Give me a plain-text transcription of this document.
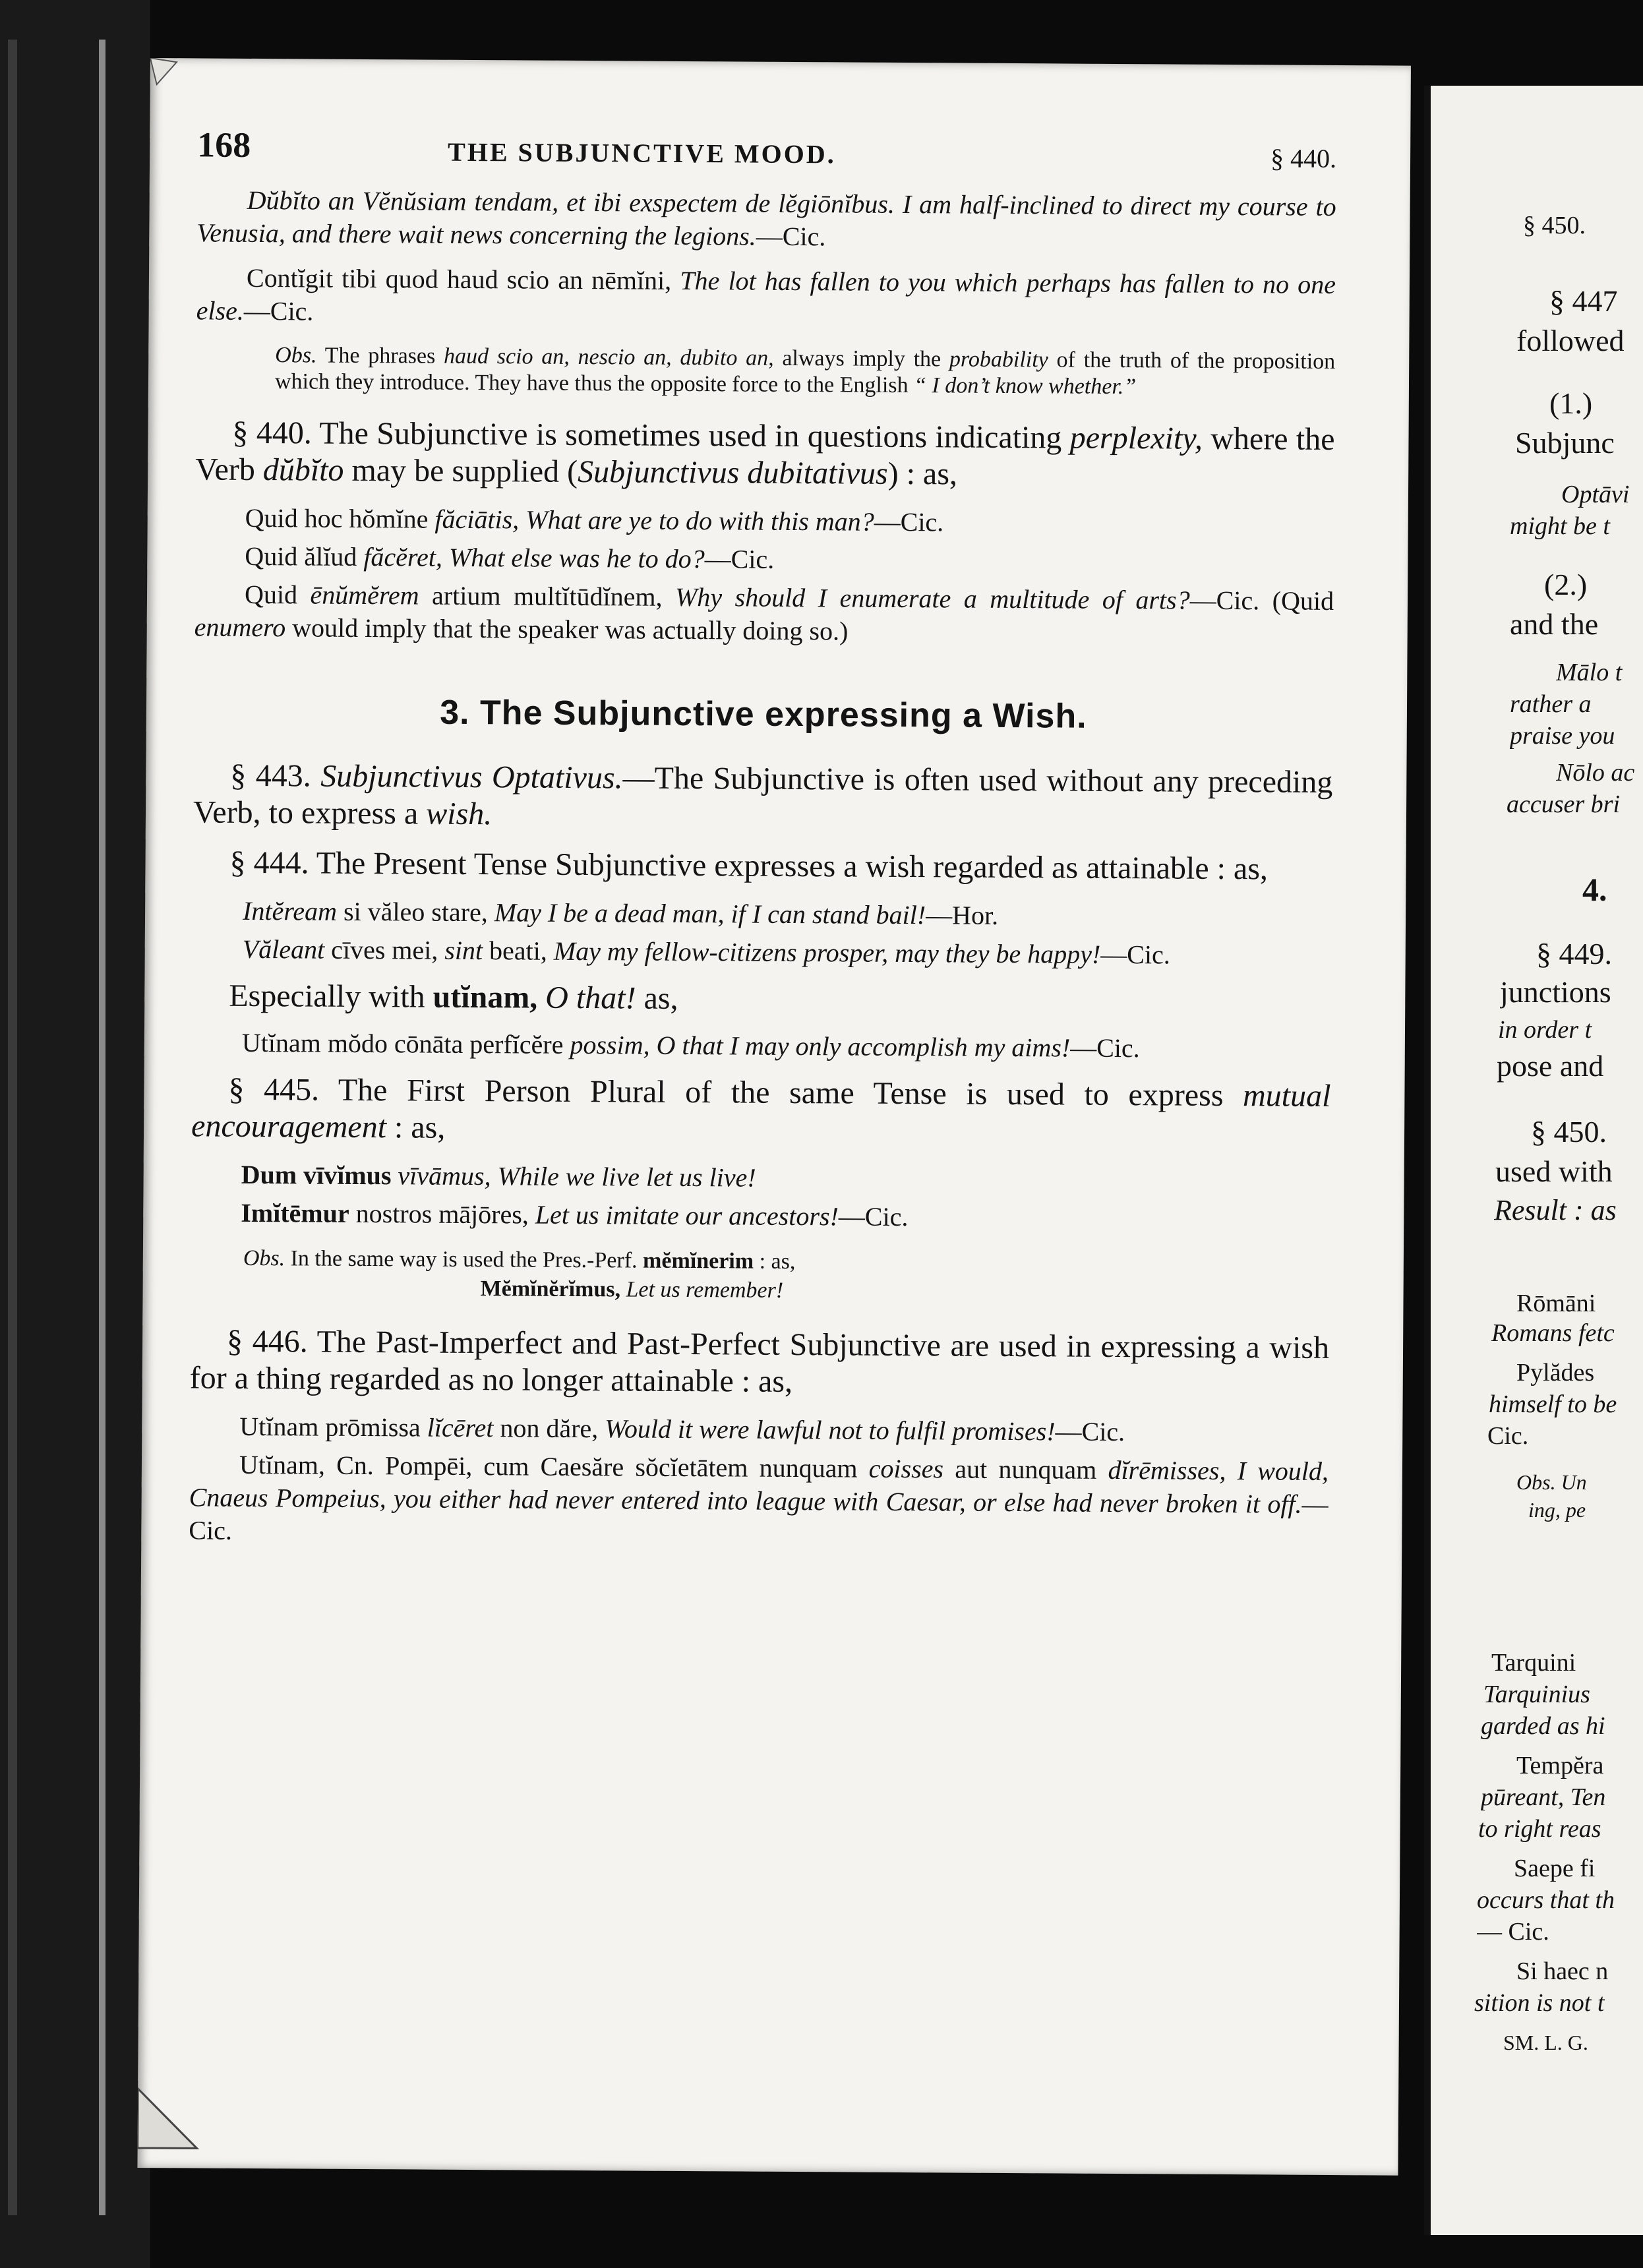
168	THE SUBJUNCTIVE MOOD.	§ 440.

Dŭbĭto an Vĕnŭsiam tendam, et ibi exspectem de lĕgiōnĭbus. I am half-inclined to direct my course to Venusia, and there wait news concerning the legions.—Cic.

Contĭgit tibi quod haud scio an nēmĭni, The lot has fallen to you which perhaps has fallen to no one else.—Cic.

Obs. The phrases haud scio an, nescio an, dubito an, always imply the probability of the truth of the proposition which they introduce. They have thus the opposite force to the English “ I don’t know whether.”

§ 440. The Subjunctive is sometimes used in questions indicating perplexity, where the Verb dŭbĭto may be supplied (Subjunctivus dubitativus) : as,

Quid hoc hŏmĭne făciātis, What are ye to do with this man?—Cic.

Quid ălĭud făcĕret, What else was he to do?—Cic.

Quid ēnŭmĕrem artium multĭtūdĭnem, Why should I enumerate a multitude of arts?—Cic. (Quid enumero would imply that the speaker was actually doing so.)

3. The Subjunctive expressing a Wish.

§ 443. Subjunctivus Optativus.—The Subjunctive is often used without any preceding Verb, to express a wish.

§ 444. The Present Tense Subjunctive expresses a wish regarded as attainable : as,

Intĕream si văleo stare, May I be a dead man, if I can stand bail!—Hor.

Văleant cīves mei, sint beati, May my fellow-citizens prosper, may they be happy!—Cic.

Especially with utĭnam, O that! as,

Utĭnam mŏdo cōnāta perfĭcĕre possim, O that I may only accomplish my aims!—Cic.

§ 445. The First Person Plural of the same Tense is used to express mutual encouragement : as,

Dum vīvĭmus vīvāmus, While we live let us live!

Imĭtēmur nostros mājōres, Let us imitate our ancestors!—Cic.

Obs. In the same way is used the Pres.-Perf. mĕmĭnerim : as,
Mĕmĭnĕrĭmus, Let us remember!

§ 446. The Past-Imperfect and Past-Perfect Subjunctive are used in expressing a wish for a thing regarded as no longer attainable : as,

Utĭnam prōmissa lĭcēret non dăre, Would it were lawful not to fulfil promises!—Cic.

Utĭnam, Cn. Pompēi, cum Caesăre sŏcĭetātem nunquam coisses aut nunquam dĭrēmisses, I would, Cnaeus Pompeius, you either had never entered into league with Caesar, or else had never broken it off.—Cic.

§ 450.
§ 447
followed
(1.)
Subjunc
Optāvi
might be t
(2.)
and the
Mālo t
rather a
praise you
Nōlo ac
accuser bri
4.
§ 449.
junctions
in order t
pose and
§ 450.
used with
Result : as
Rōmāni
Romans fetc
Pylădes
himself to be
Cic.
Obs. Un
ing, pe
Tarquini
Tarquinius
garded as hi
Tempĕra
pūreant, Ten
to right reas
Saepe fi
occurs that th
— Cic.
Si haec n
sition is not t
SM. L. G.
